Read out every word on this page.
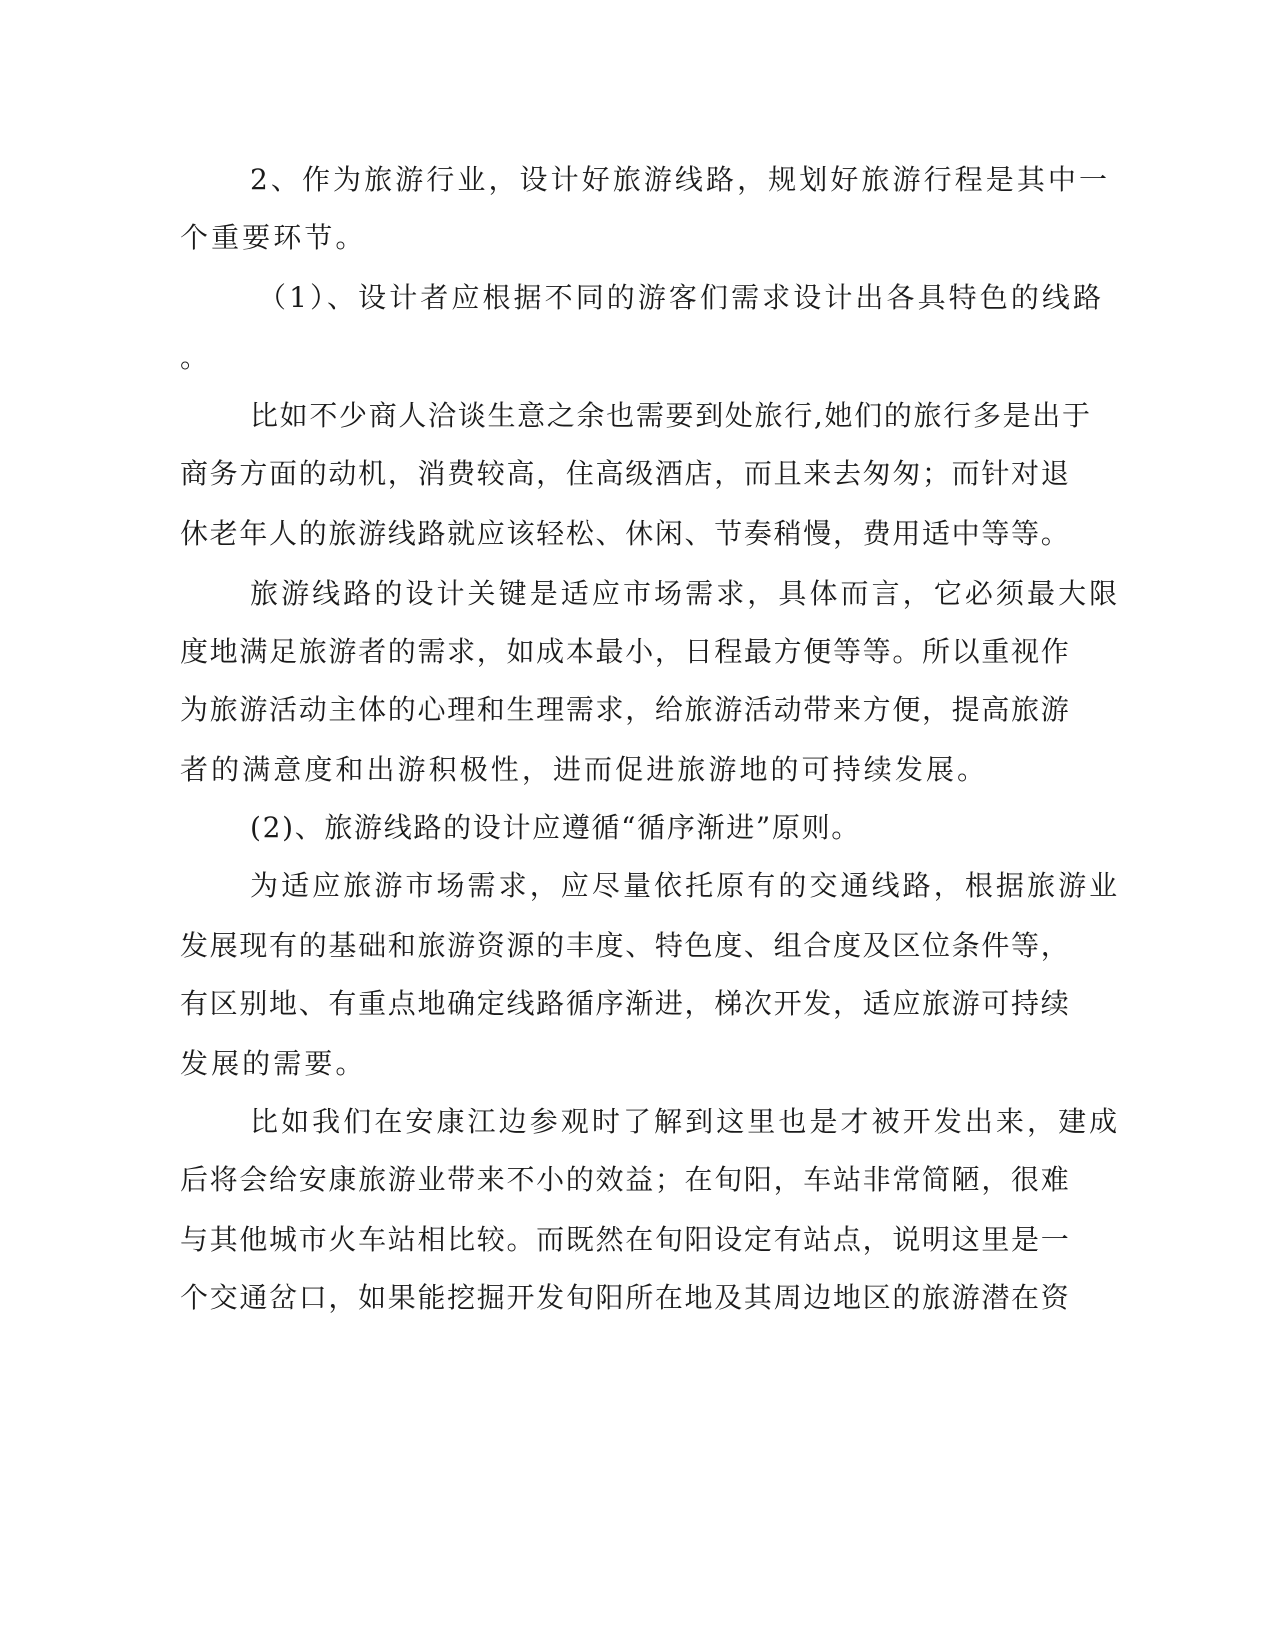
2、作为旅游行业，设计好旅游线路，规划好旅游行程是其中一

个重要环节。

（1）、设计者应根据不同的游客们需求设计出各具特色的线路

。

比如不少商人洽谈生意之余也需要到处旅行,她们的旅行多是出于

商务方面的动机，消费较高，住高级酒店，而且来去匆匆；而针对退

休老年人的旅游线路就应该轻松、休闲、节奏稍慢，费用适中等等。

旅游线路的设计关键是适应市场需求，具体而言，它必须最大限

度地满足旅游者的需求，如成本最小，日程最方便等等。所以重视作

为旅游活动主体的心理和生理需求，给旅游活动带来方便，提高旅游

者的满意度和出游积极性，进而促进旅游地的可持续发展。

(2)、旅游线路的设计应遵循“循序渐进”原则。

为适应旅游市场需求，应尽量依托原有的交通线路，根据旅游业

发展现有的基础和旅游资源的丰度、特色度、组合度及区位条件等，

有区别地、有重点地确定线路循序渐进，梯次开发，适应旅游可持续

发展的需要。

比如我们在安康江边参观时了解到这里也是才被开发出来，建成

后将会给安康旅游业带来不小的效益；在旬阳，车站非常简陋，很难

与其他城市火车站相比较。而既然在旬阳设定有站点，说明这里是一

个交通岔口，如果能挖掘开发旬阳所在地及其周边地区的旅游潜在资
